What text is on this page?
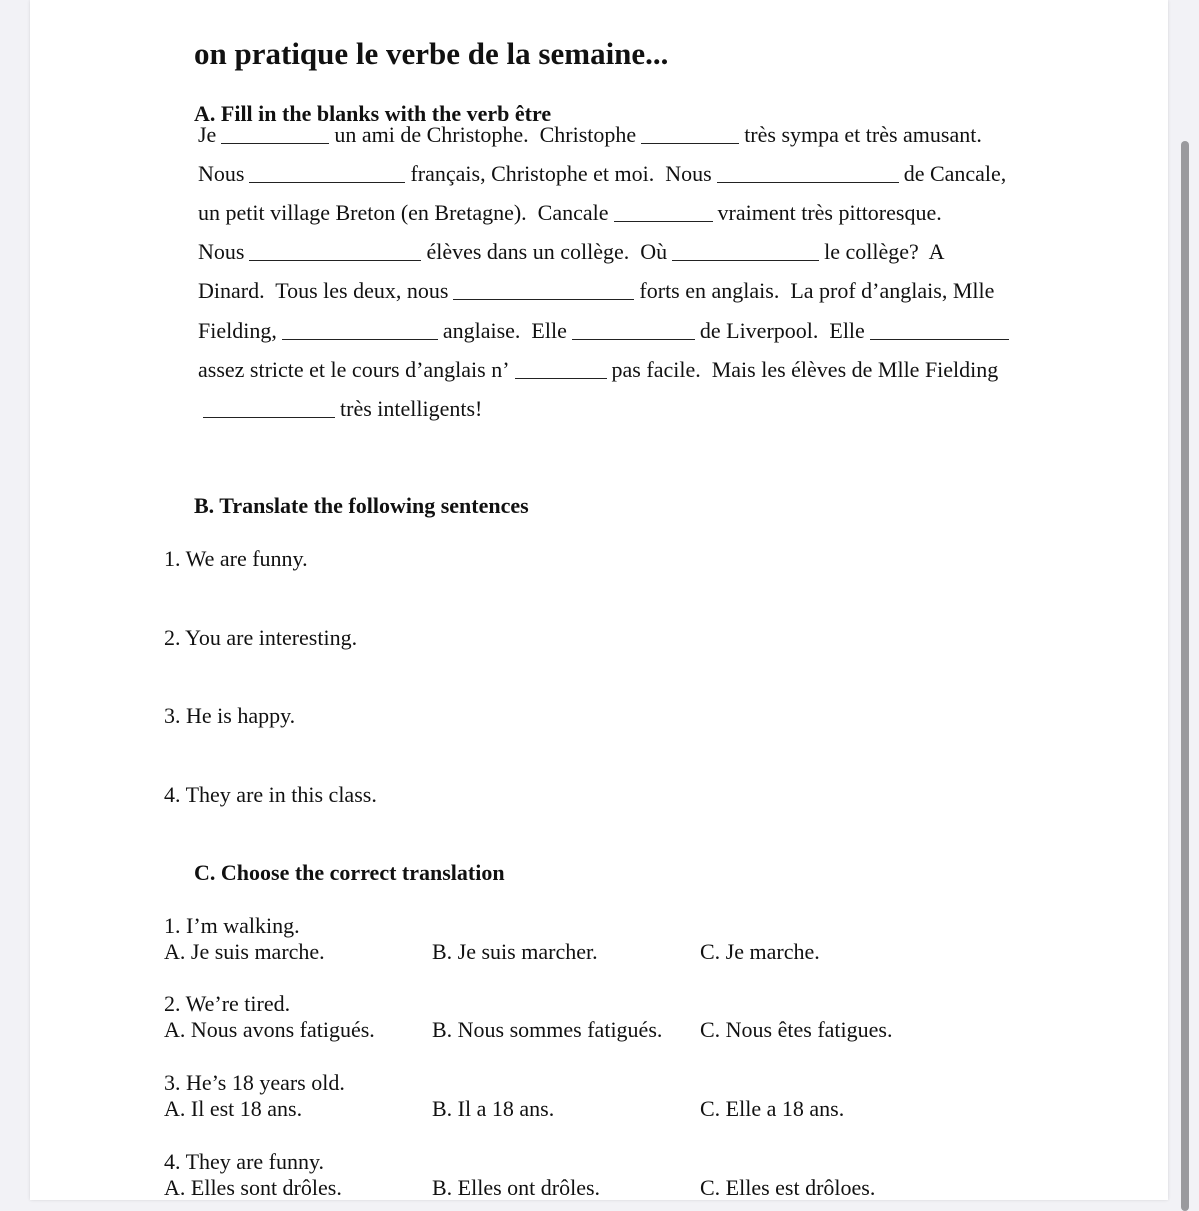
on pratique le verbe de la semaine...
A. Fill in the blanks with the verb être
Je	un ami de Christophe.  Christophe	très sympa et très amusant.
Nous	français, Christophe et moi.  Nous	de Cancale,
un petit village Breton (en Bretagne).  Cancale	vraiment très pittoresque.
Nous	élèves dans un collège.  Où	le collège?  A
Dinard.  Tous les deux, nous	forts en anglais.  La prof d’anglais, Mlle
Fielding,	anglaise.  Elle	de Liverpool.  Elle
assez stricte et le cours d’anglais n’	pas facile.  Mais les élèves de Mlle Fielding
très intelligents!
B. Translate the following sentences
1. We are funny.
2. You are interesting.
3. He is happy.
4. They are in this class.
C. Choose the correct translation
1. I’m walking.
A. Je suis marche.	B. Je suis marcher.	C. Je marche.
2. We’re tired.
A. Nous avons fatigués.	B. Nous sommes fatigués. C. Nous êtes fatigues.
3. He’s 18 years old.
A. Il est 18 ans.	B. Il a 18 ans.	C. Elle a 18 ans.
4. They are funny.
A. Elles sont drôles.	B. Elles ont drôles.	C. Elles est drôloes.
